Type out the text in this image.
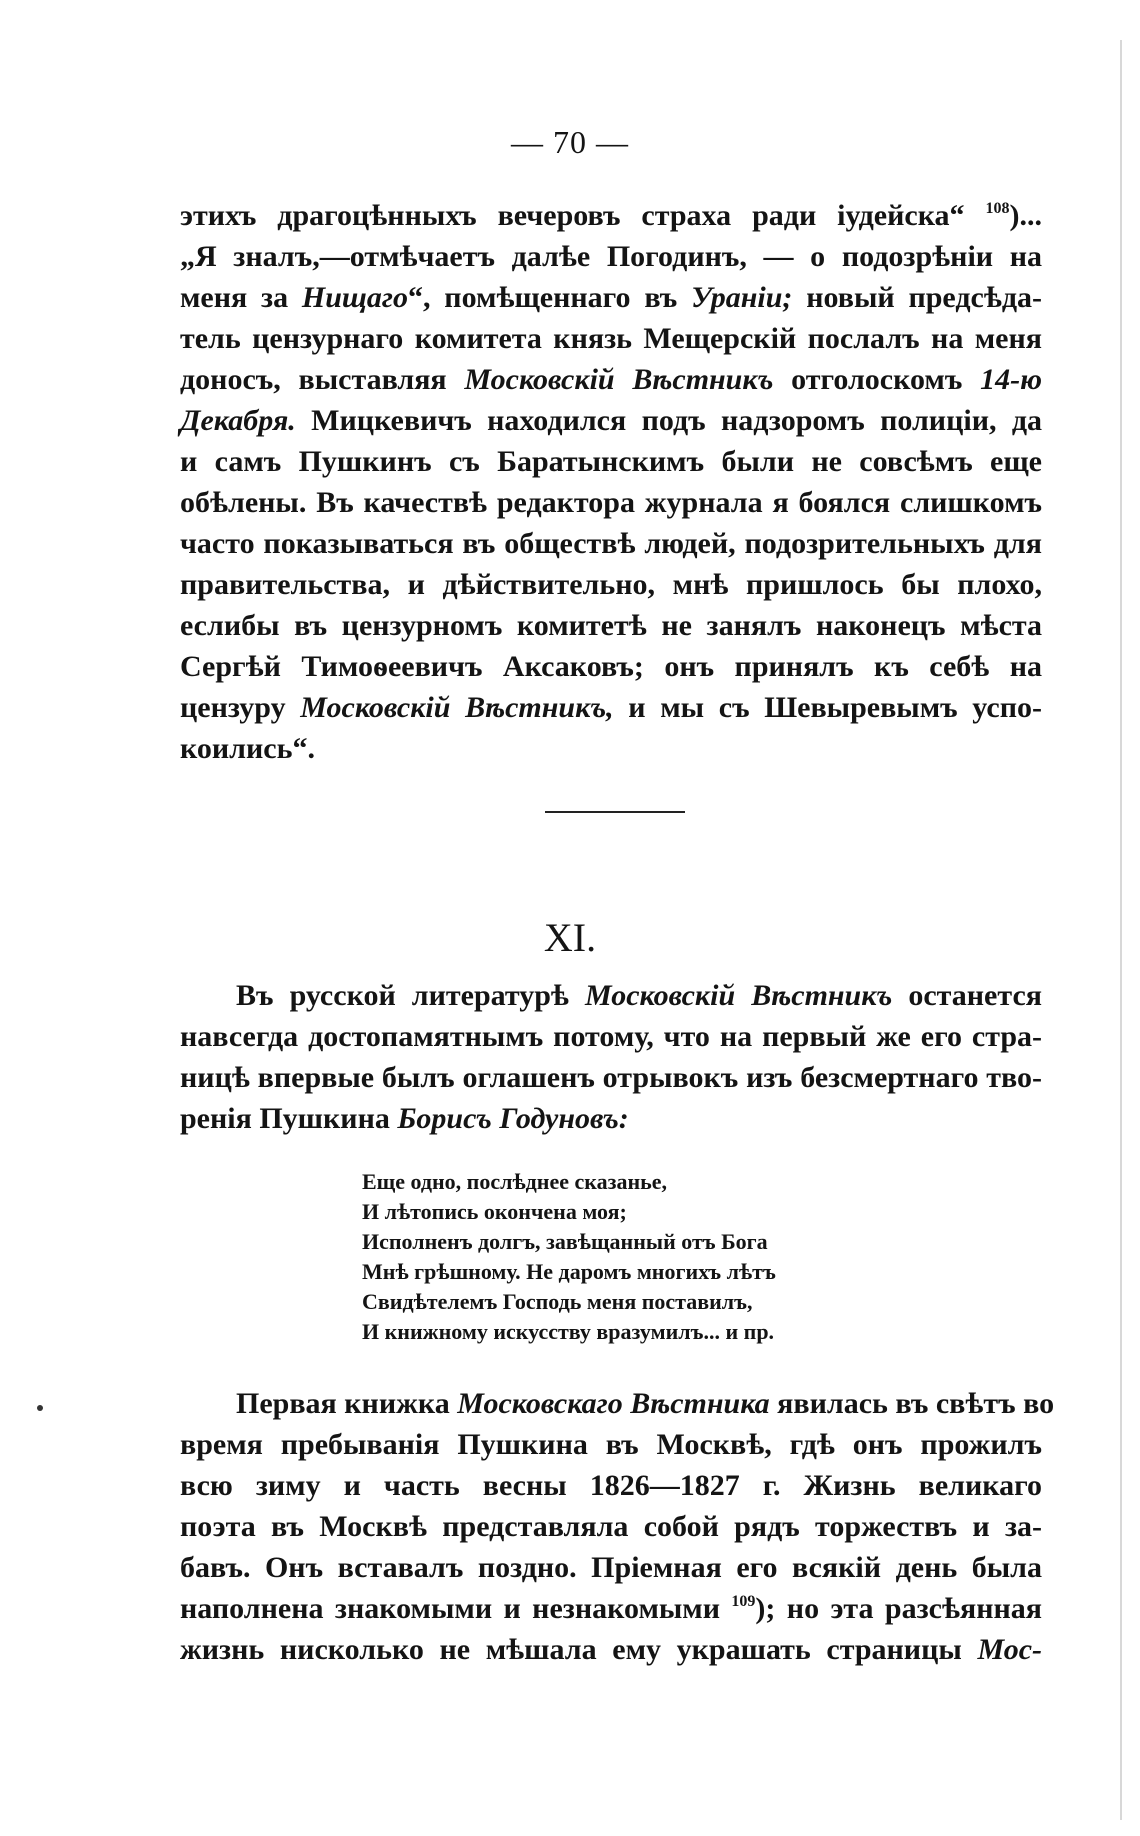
— 70 —

этихъ драгоцѣнныхъ вечеровъ страха ради іудейска“ $^{108}$)...
„Я зналъ,—отмѣчаетъ далѣе Погодинъ, — о подозрѣніи на
меня за Нищаго“, помѣщеннаго въ Ураніи; новый предсѣда-
тель цензурнаго комитета князь Мещерскій послалъ на меня
доносъ, выставляя Московскій Вѣстникъ отголоскомъ 14-ю
Декабря. Мицкевичъ находился подъ надзоромъ полиціи, да
и самъ Пушкинъ съ Баратынскимъ были не совсѣмъ еще
обѣлены. Въ качествѣ редактора журнала я боялся слишкомъ
часто показываться въ обществѣ людей, подозрительныхъ для
правительства, и дѣйствительно, мнѣ пришлось бы плохо,
еслибы въ цензурномъ комитетѣ не занялъ наконецъ мѣста
Сергѣй Тимоѳеевичъ Аксаковъ; онъ принялъ къ себѣ на
цензуру Московскій Вѣстникъ, и мы съ Шевыревымъ успо-
коились“.

XI.

Въ русской литературѣ Московскій Вѣстникъ останется
навсегда достопамятнымъ потому, что на первый же его стра-
ницѣ впервые былъ оглашенъ отрывокъ изъ безсмертнаго тво-
ренія Пушкина Борисъ Годуновъ:

Еще одно, послѣднее сказанье,
И лѣтопись окончена моя;
Исполненъ долгъ, завѣщанный отъ Бога
Мнѣ грѣшному. Не даромъ многихъ лѣтъ
Свидѣтелемъ Господь меня поставилъ,
И книжному искусству вразумилъ... и пр.

Первая книжка Московскаго Вѣстника явилась въ свѣтъ во
время пребыванія Пушкина въ Москвѣ, гдѣ онъ прожилъ
всю зиму и часть весны 1826—1827 г. Жизнь великаго
поэта въ Москвѣ представляла собой рядъ торжествъ и за-
бавъ. Онъ вставалъ поздно. Пріемная его всякій день была
наполнена знакомыми и незнакомыми $^{109}$); но эта разсѣянная
жизнь нисколько не мѣшала ему украшать страницы Мос-
